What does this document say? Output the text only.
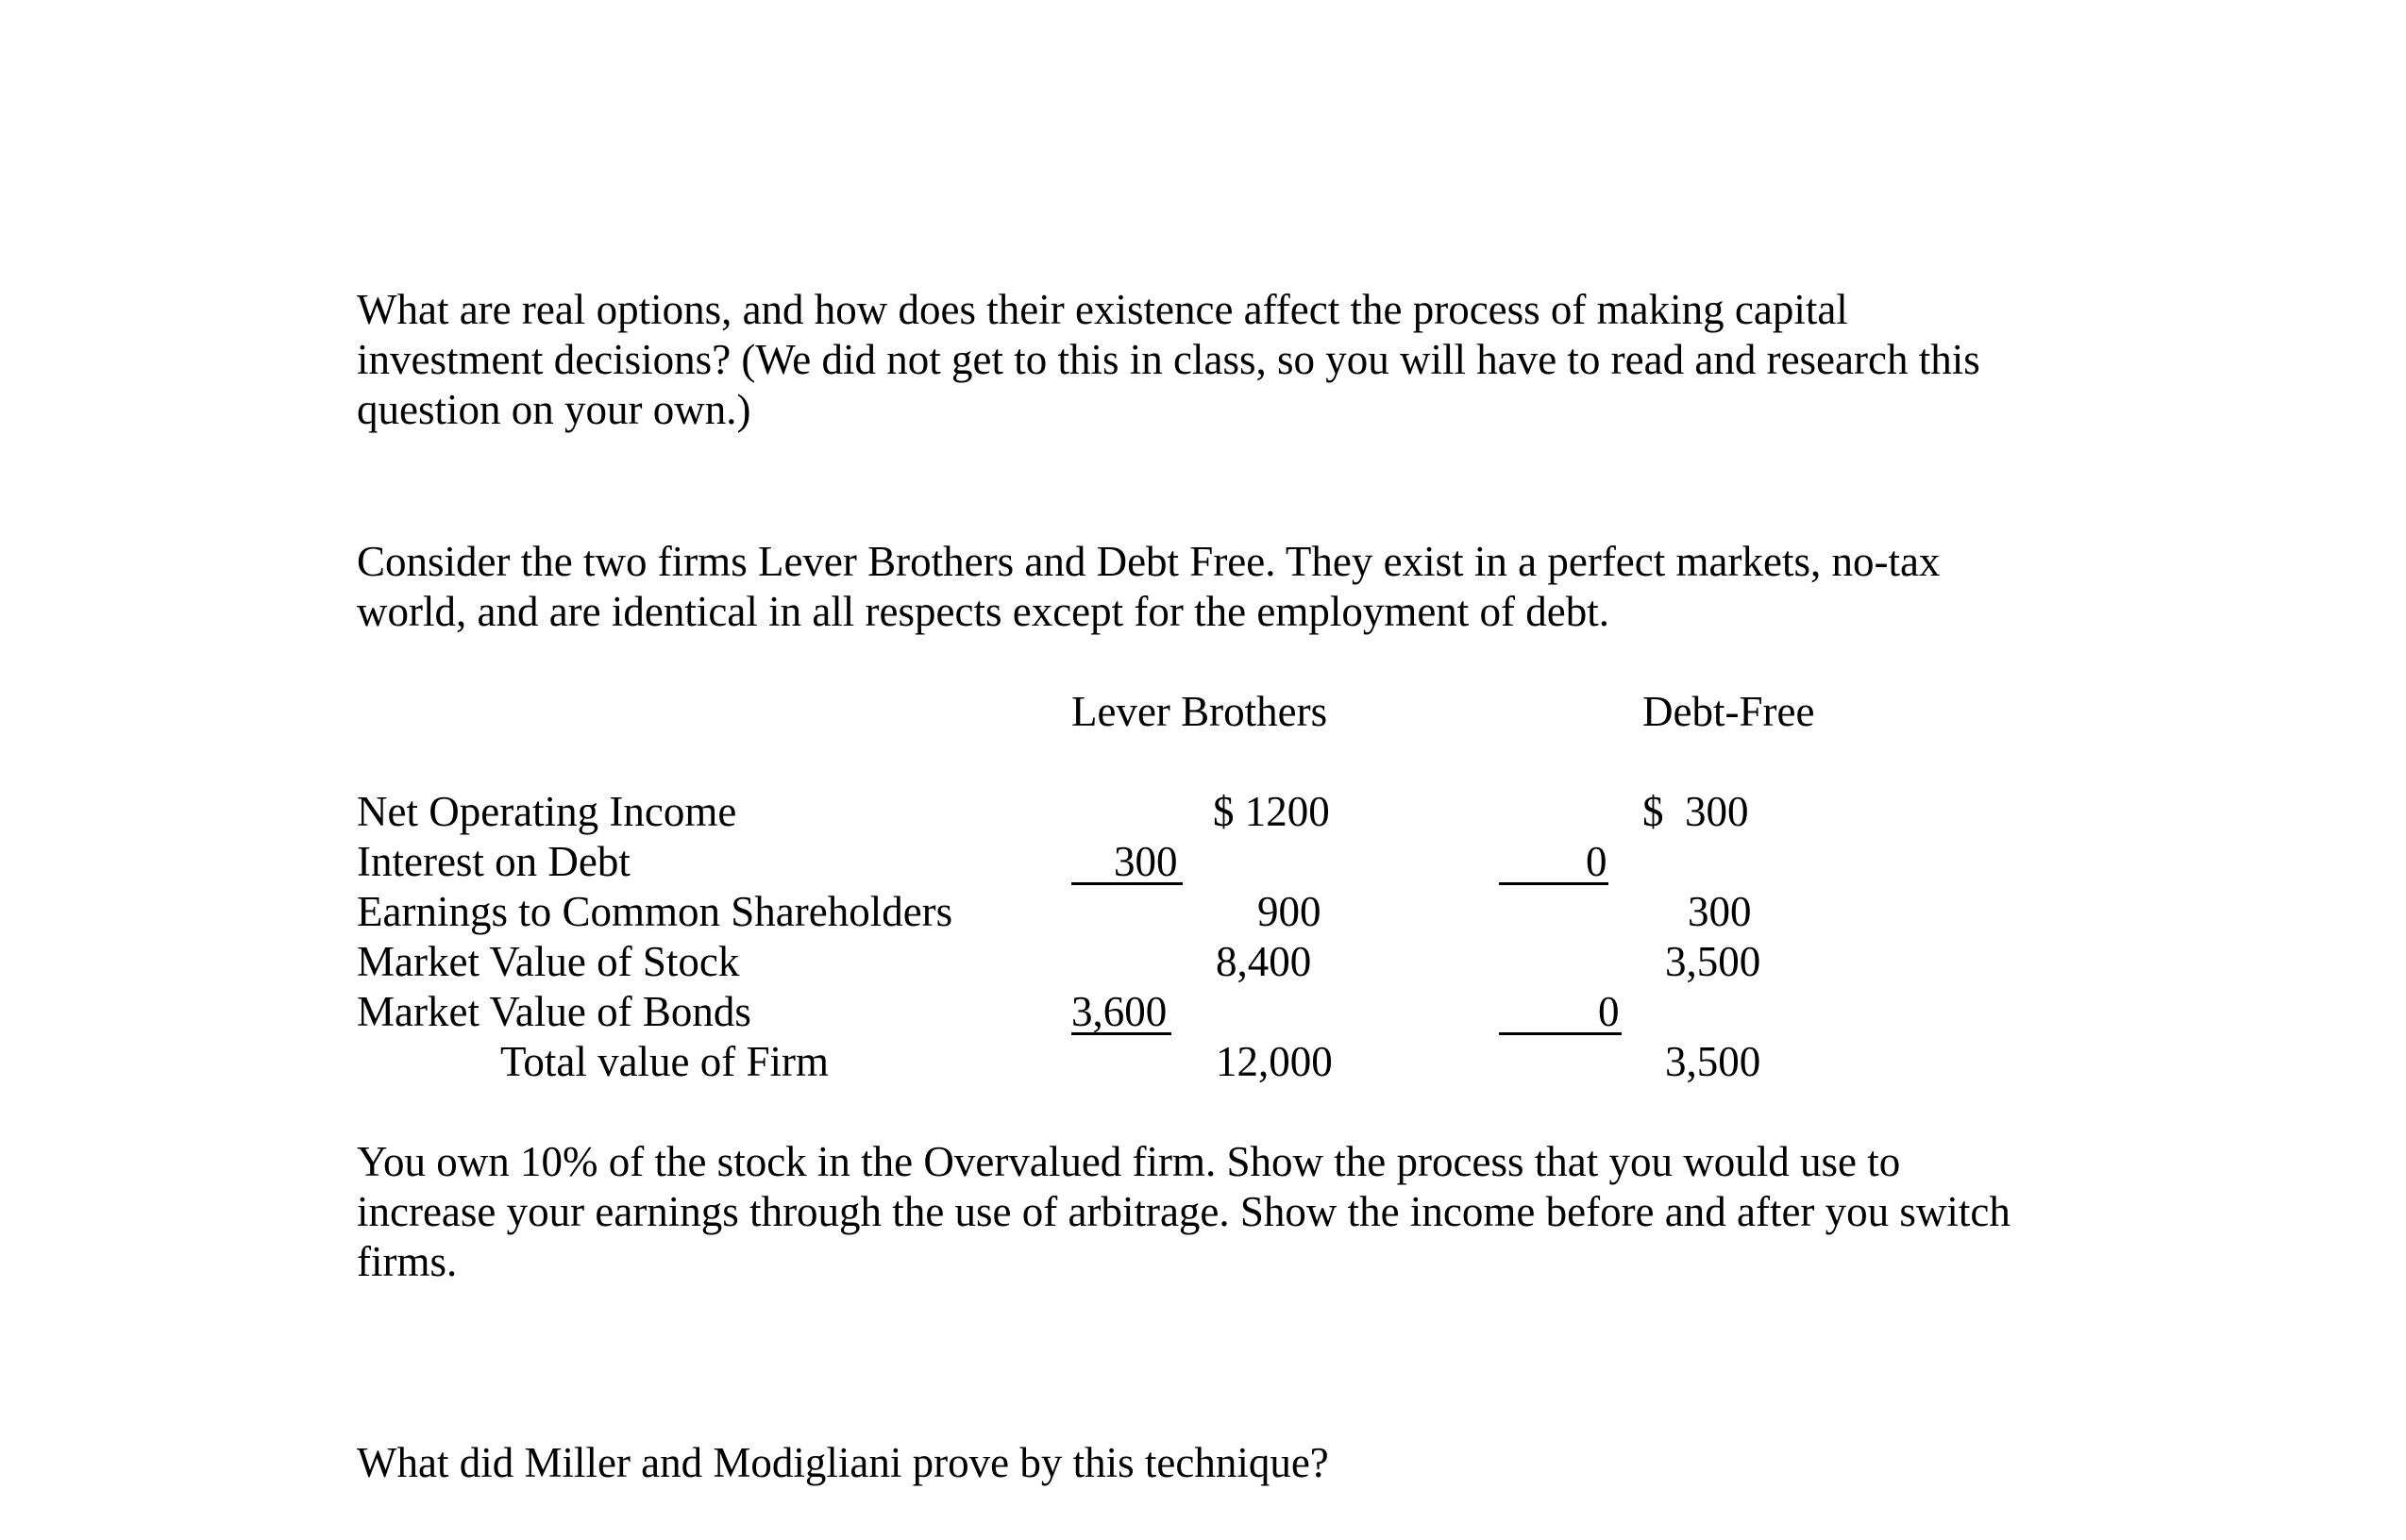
What are real options, and how does their existence affect the process of making capital
investment decisions? (We did not get to this in class, so you will have to read and research this
question on your own.)
Consider the two firms Lever Brothers and Debt Free. They exist in a perfect markets, no-tax
world, and are identical in all respects except for the employment of debt.
Lever Brothers	Debt-Free
Net Operating Income	$ 1200	$  300
Interest on Debt	300	0
Earnings to Common Shareholders	900	300
Market Value of Stock	8,400	3,500
Market Value of Bonds	3,600	0
Total value of Firm	12,000	3,500
You own 10% of the stock in the Overvalued firm. Show the process that you would use to
increase your earnings through the use of arbitrage. Show the income before and after you switch
firms.
What did Miller and Modigliani prove by this technique?
